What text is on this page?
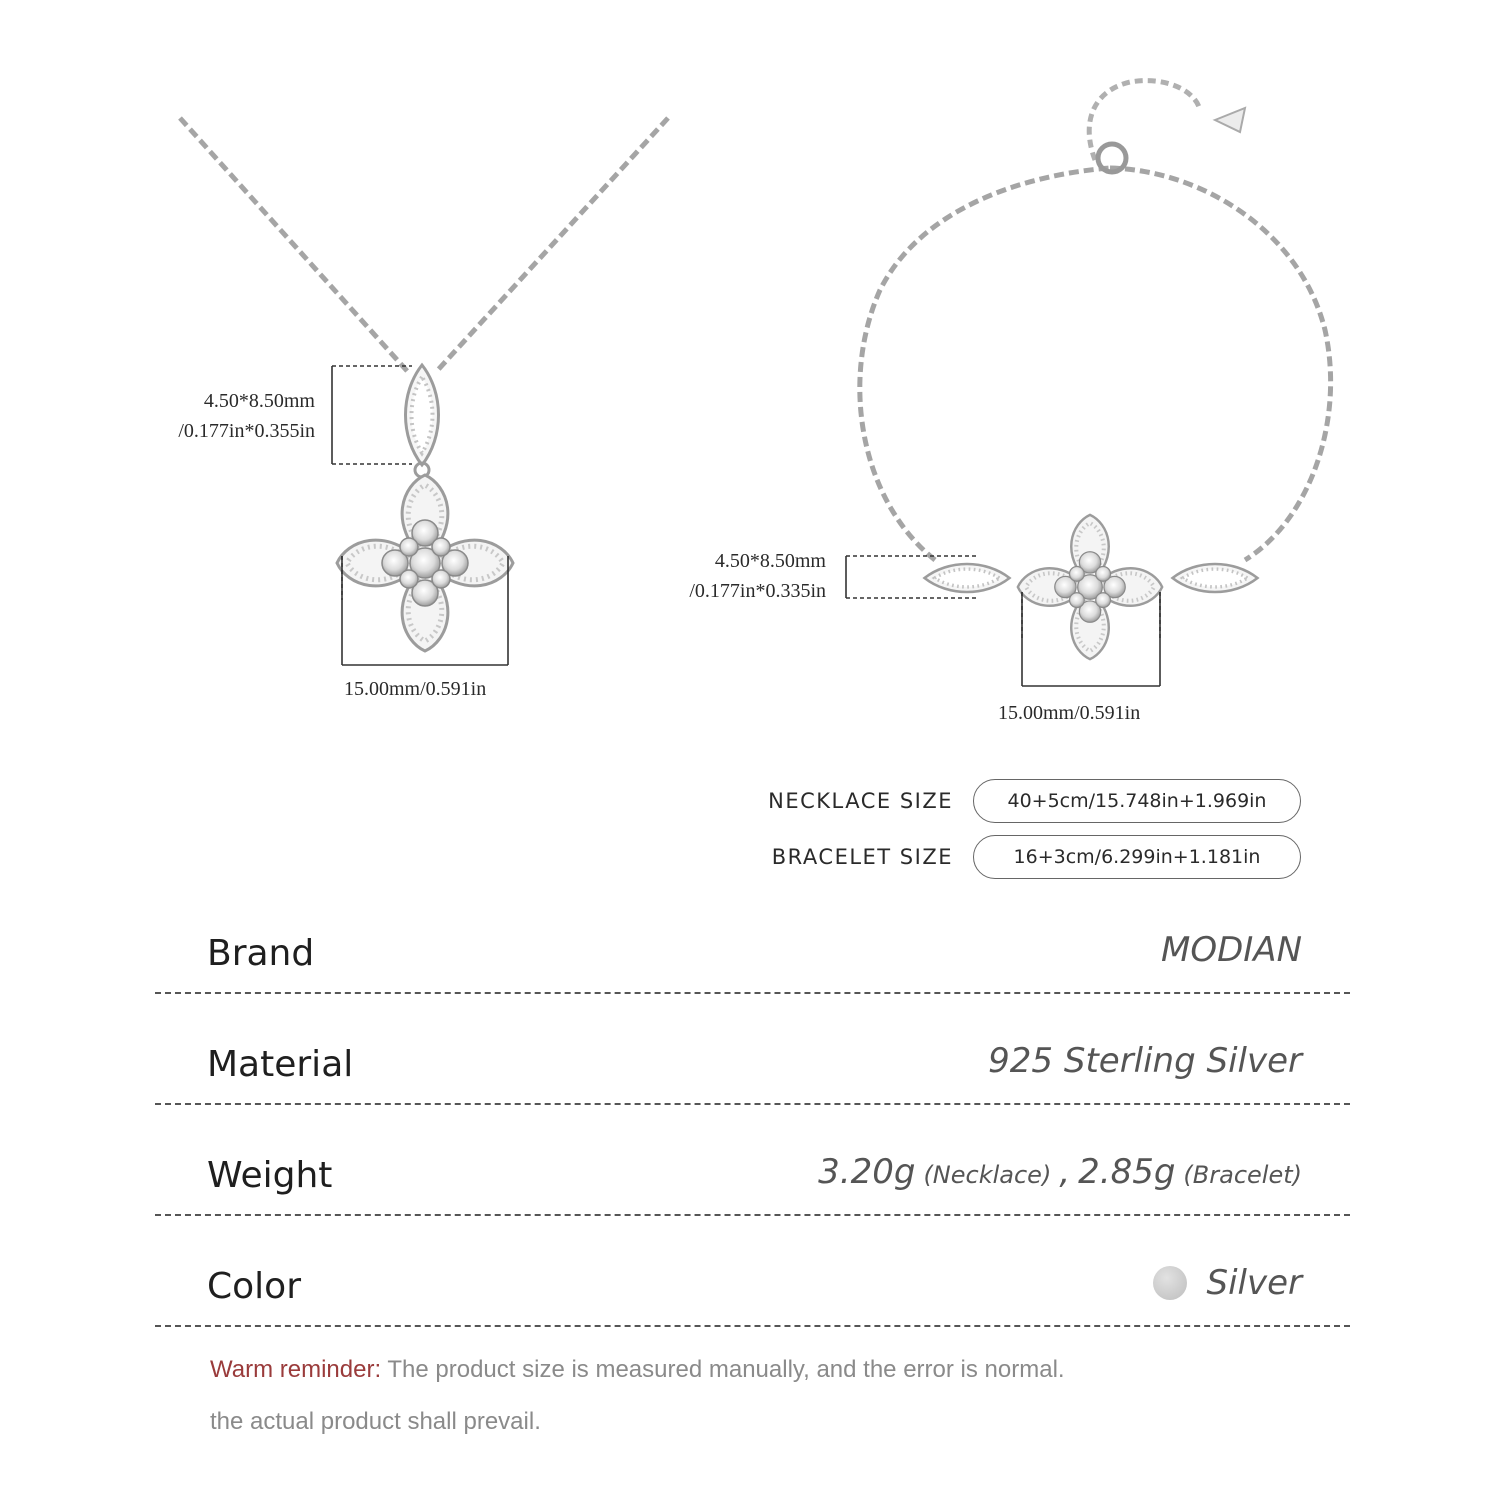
4.50*8.50mm
/0.177in*0.355in
15.00mm/0.591in
4.50*8.50mm
/0.177in*0.335in
15.00mm/0.591in
NECKLACE SIZE	40+5cm/15.748in+1.969in
BRACELET SIZE	16+3cm/6.299in+1.181in
Brand	MODIAN
Material	925 Sterling Silver
Weight	3.20g (Necklace) , 2.85g (Bracelet)
Color	Silver
Warm reminder: The product size is measured manually, and the error is normal.
the actual product shall prevail.
